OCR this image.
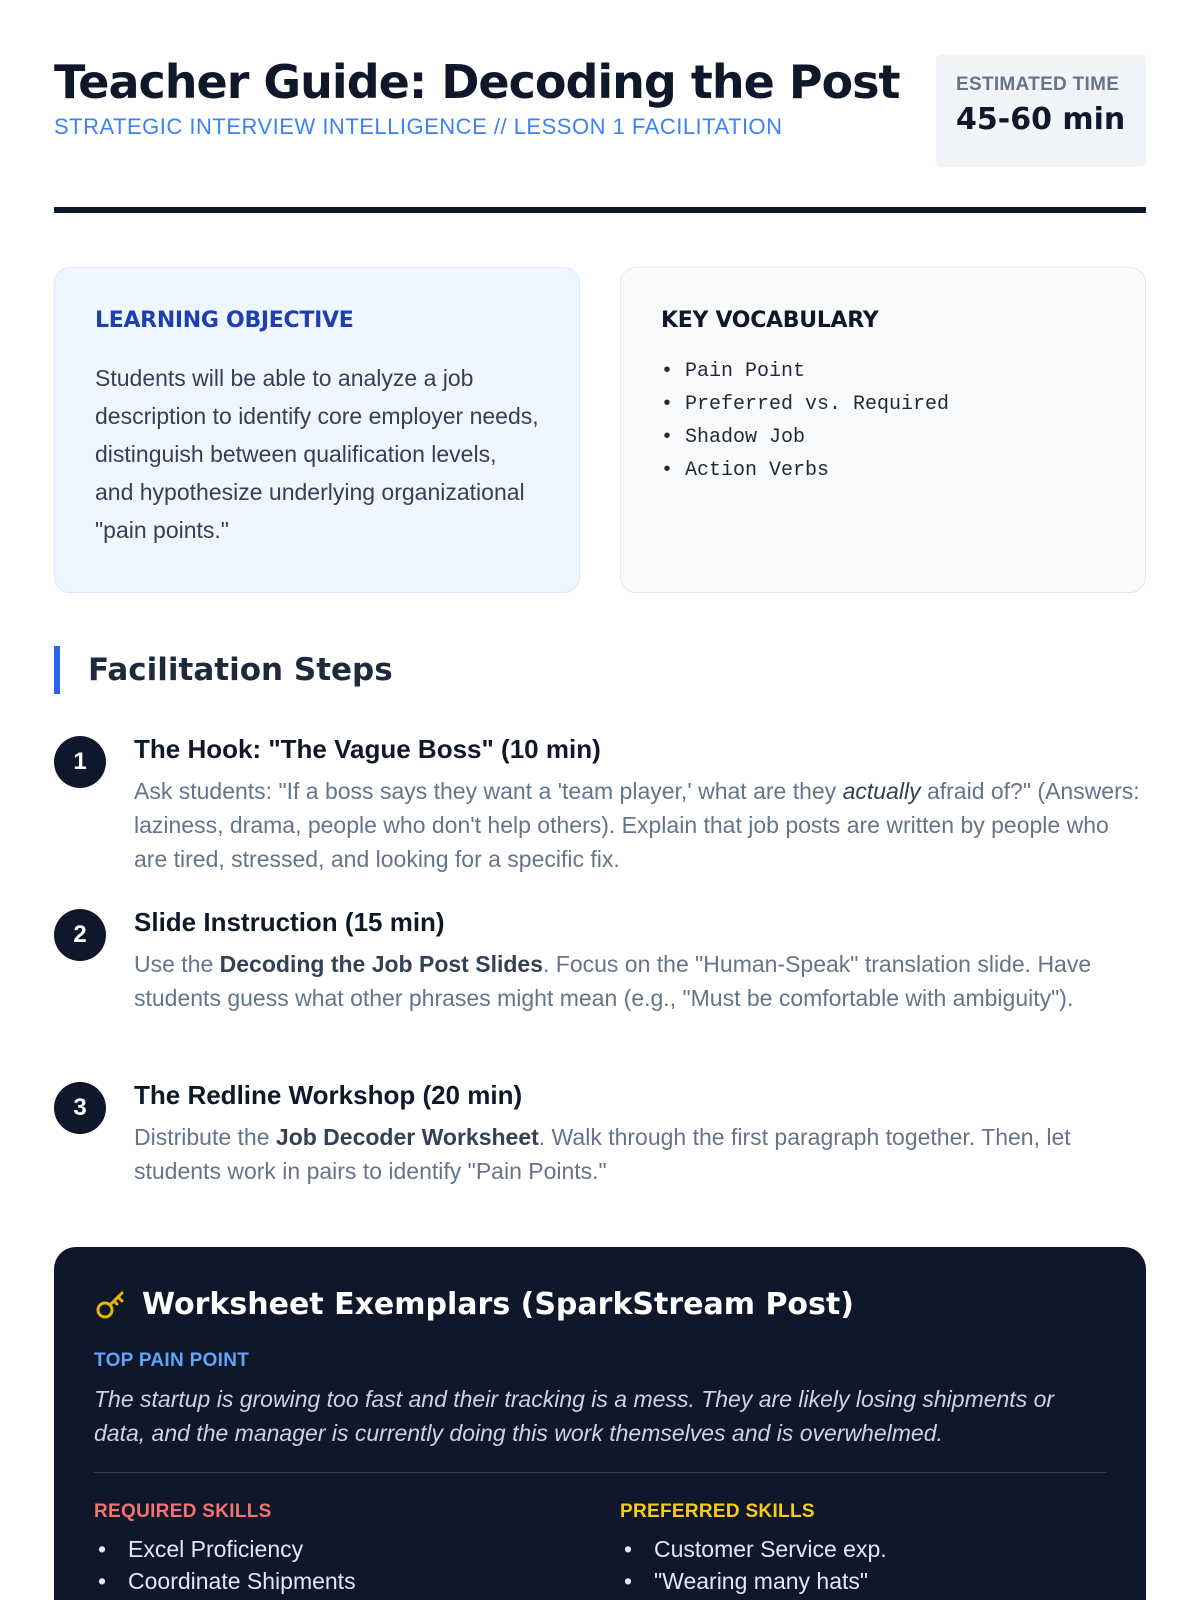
Teacher Guide: Decoding the Post
STRATEGIC INTERVIEW INTELLIGENCE // LESSON 1 FACILITATION
ESTIMATED TIME
45-60 min
LEARNING OBJECTIVE

Students will be able to analyze a job description to identify core employer needs, distinguish between qualification levels, and hypothesize underlying organizational "pain points."

KEY VOCABULARY
• Pain Point
• Preferred vs. Required
• Shadow Job
• Action Verbs
Facilitation Steps
1	The Hook: "The Vague Boss" (10 min)

Ask students: "If a boss says they want a 'team player,' what are they actually afraid of?" (Answers: laziness, drama, people who don't help others). Explain that job posts are written by people who are tired, stressed, and looking for a specific fix.

2	Slide Instruction (15 min)

Use the Decoding the Job Post Slides. Focus on the "Human-Speak" translation slide. Have students guess what other phrases might mean (e.g., "Must be comfortable with ambiguity").

3	The Redline Workshop (20 min)

Distribute the Job Decoder Worksheet. Walk through the first paragraph together. Then, let students work in pairs to identify "Pain Points."

Worksheet Exemplars (SparkStream Post)
TOP PAIN POINT

The startup is growing too fast and their tracking is a mess. They are likely losing shipments or data, and the manager is currently doing this work themselves and is overwhelmed.

REQUIRED SKILLS
• Excel Proficiency
• Coordinate Shipments
PREFERRED SKILLS
• Customer Service exp.
• "Wearing many hats"
